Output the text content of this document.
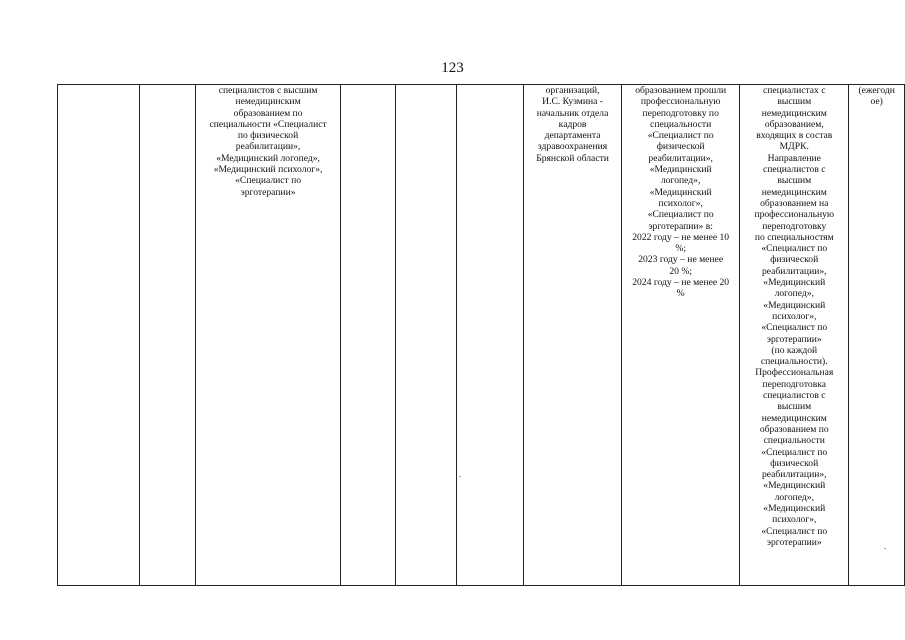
123

специалистов с высшим
немедицинским
образованием по
специальности «Специалист
по физической
реабилитации»,
«Медицинский логопед»,
«Медицинский психолог»,
«Специалист по
эрготерапии»

организаций,
И.С. Кузмина -
начальник отдела
кадров
департамента
здравоохранения
Брянской области

образованием прошли
профессиональную
переподготовку по
специальности
«Специалист по
физической
реабилитации»,
«Медицинский
логопед»,
«Медицинский
психолог»,
«Специалист по
эрготерапии» в:
2022 году – не менее 10
%;
2023 году – не менее
20 %;
2024 году – не менее 20
%

специалистах с
высшим
немедицинским
образованием,
входящих в состав
МДРК.
Направление
специалистов с
высшим
немедицинским
образованием на
профессиональную
переподготовку
по специальностям
«Специалист по
физической
реабилитации»,
«Медицинский
логопед»,
«Медицинский
психолог»,
«Специалист по
эрготерапии»
(по каждой
специальности).
Профессиональная
переподготовка
специалистов с
высшим
немедицинским
образованием по
специальности
«Специалист по
физической
реабилитации»,
«Медицинский
логопед»,
«Медицинский
психолог»,
«Специалист по
эрготерапии»

(ежегодн
ое)
